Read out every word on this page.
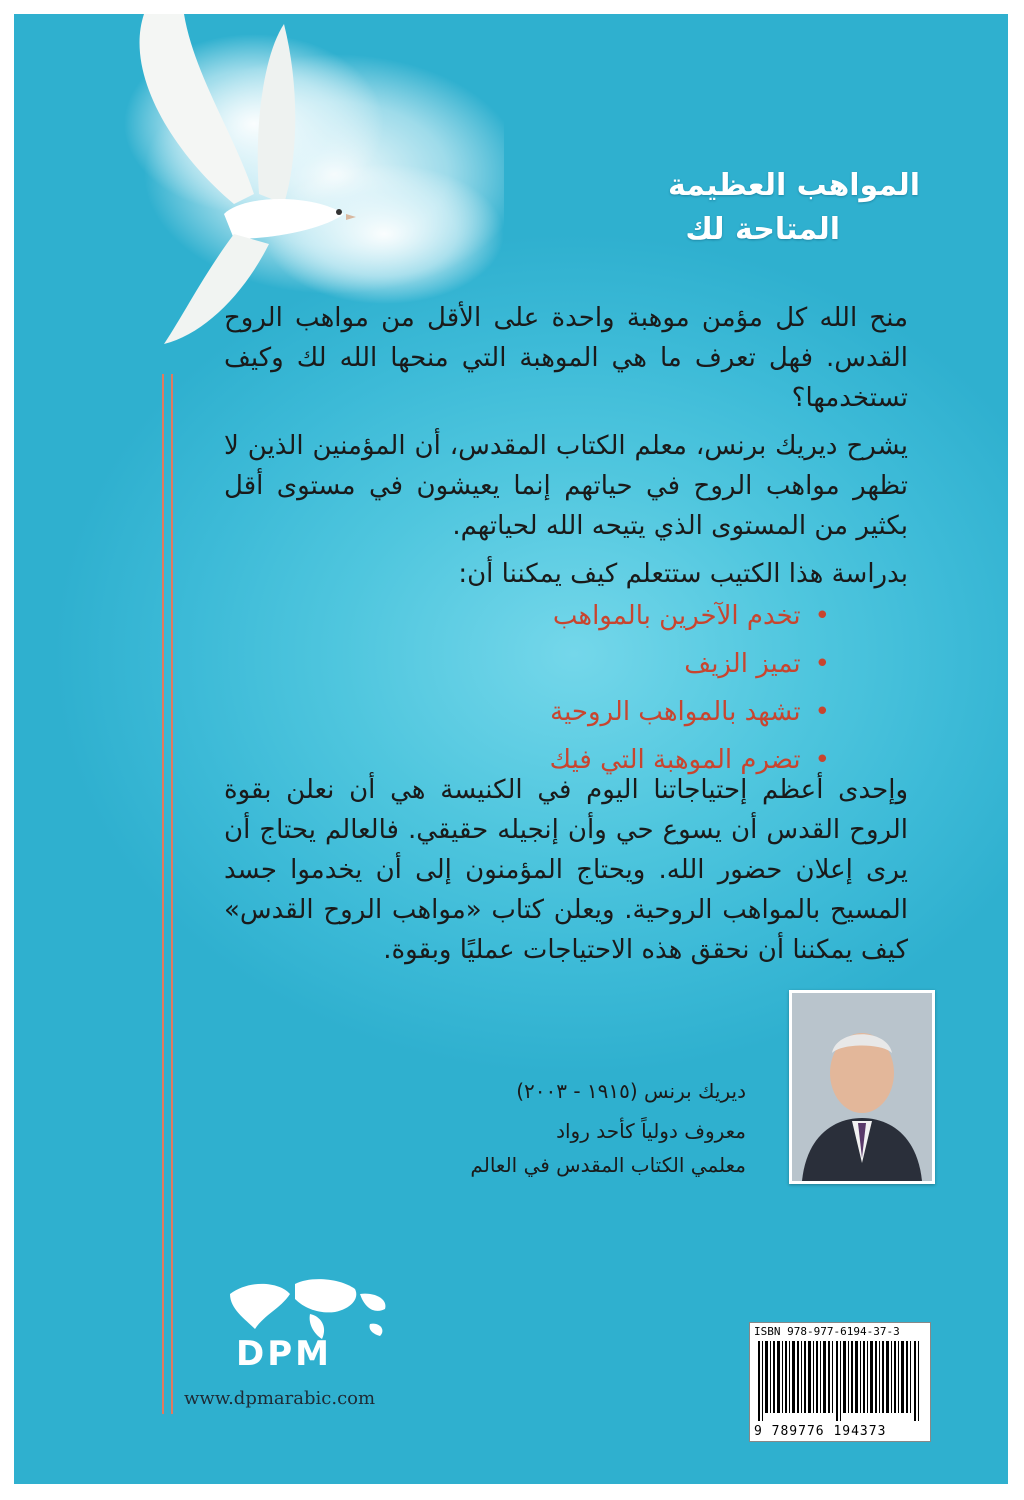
المواهب العظيمة
المتاحة لك
منح الله كل مؤمن موهبة واحدة على الأقل من مواهب الروح القدس. فهل تعرف ما هي الموهبة التي منحها الله لك وكيف تستخدمها؟
يشرح ديريك برنس، معلم الكتاب المقدس، أن المؤمنين الذين لا تظهر مواهب الروح في حياتهم إنما يعيشون في مستوى أقل بكثير من المستوى الذي يتيحه الله لحياتهم.
بدراسة هذا الكتيب ستتعلم كيف يمكننا أن:
•تخدم الآخرين بالمواهب
•تميز الزيف
•تشهد بالمواهب الروحية
•تضرم الموهبة التي فيك
وإحدى أعظم إحتياجاتنا اليوم في الكنيسة هي أن نعلن بقوة الروح القدس أن يسوع حي وأن إنجيله حقيقي. فالعالم يحتاج أن يرى إعلان حضور الله. ويحتاج المؤمنون إلى أن يخدموا جسد المسيح بالمواهب الروحية. ويعلن كتاب «مواهب الروح القدس» كيف يمكننا أن نحقق هذه الاحتياجات عمليًا وبقوة.
ديريك برنس (١٩١٥ - ٢٠٠٣)
معروف دولياً كأحد رواد
معلمي الكتاب المقدس في العالم
DPM
www.dpmarabic.com
ISBN 978-977-6194-37-3
9 789776 194373
